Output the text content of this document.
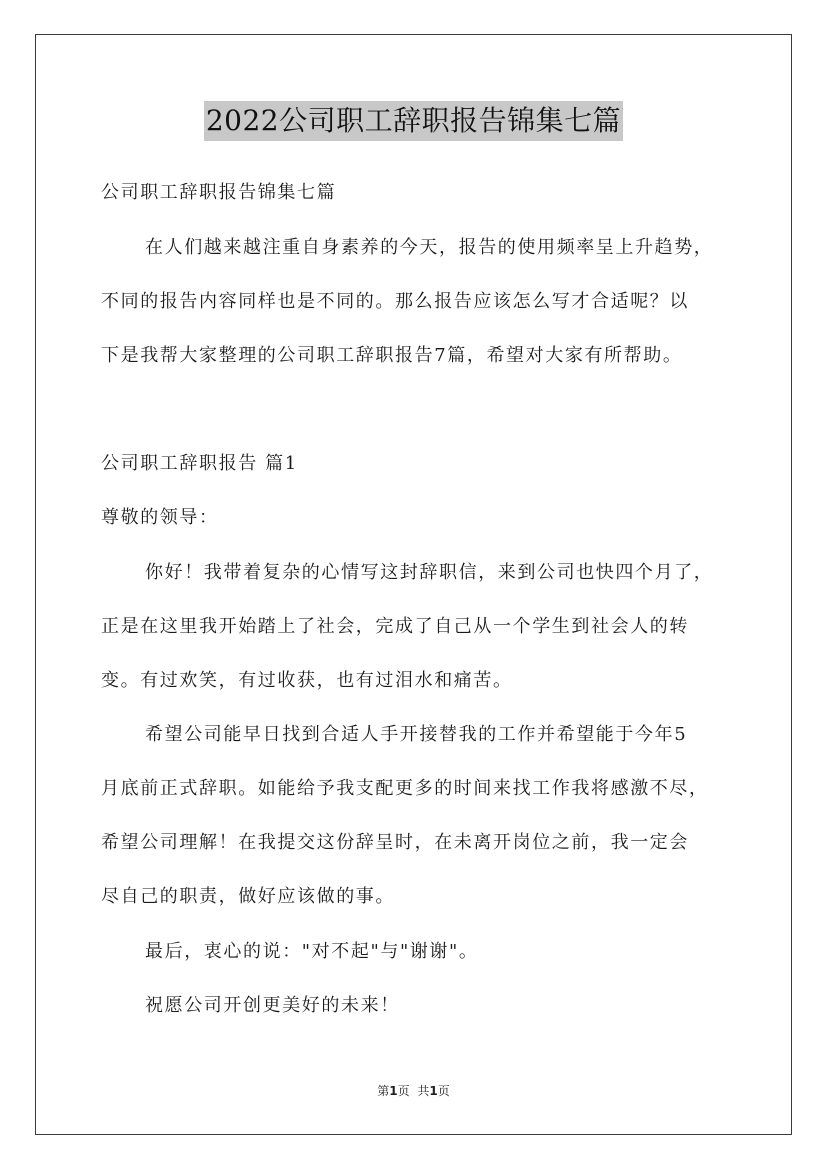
2022公司职工辞职报告锦集七篇
公司职工辞职报告锦集七篇
在人们越来越注重自身素养的今天，报告的使用频率呈上升趋势，
不同的报告内容同样也是不同的。那么报告应该怎么写才合适呢？以
下是我帮大家整理的公司职工辞职报告7篇，希望对大家有所帮助。
公司职工辞职报告 篇1
尊敬的领导：
你好！我带着复杂的心情写这封辞职信，来到公司也快四个月了，
正是在这里我开始踏上了社会，完成了自己从一个学生到社会人的转
变。有过欢笑，有过收获，也有过泪水和痛苦。
希望公司能早日找到合适人手开接替我的工作并希望能于今年5
月底前正式辞职。如能给予我支配更多的时间来找工作我将感激不尽，
希望公司理解！在我提交这份辞呈时，在未离开岗位之前，我一定会
尽自己的职责，做好应该做的事。
最后，衷心的说："对不起"与"谢谢"。
祝愿公司开创更美好的未来！
第1页 共1页
